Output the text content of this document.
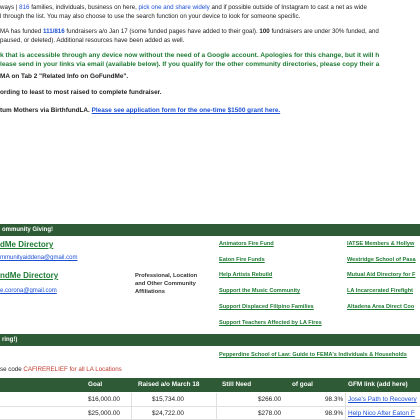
ways | 816 families, individuals, business on here, pick one and share widely and if possible outside of Instagram to cast a net as wide
l through the list. You may also choose to use the search function on your device to look for someone specific.
MA has funded 111/816 fundraisers a/o Jan 17 (some funded pages have added to their goal). 100 fundraisers are under 30% funded, and
paused, or deleted). Additional resources have been added as well.
k that is accessible through any device now without the need of a Google account. Apologies for this change, but it will h
lease send in your links via email (available below). If you qualify for the other community directories, please copy their a
MA on Tab 2 "Related Info on GoFundMe".
ording to least to most raised to complete fundraiser.
tum Mothers via BirthfundLA. Please see application form for the one-time $1500 grant here.
ommunity Giving!
dMe Directory
mmunityaiddena@gmail.com
ndMe Directory
e.corona@gmail.com
Professional, Location
and Other Community
Affiliations
Animators Fire Fund
Eaton Fire Funds
Help Artists Rebuild
Support the Music Community
Support Displaced Filipino Families
Support Teachers Affected by LA Fires
IATSE Members & Hollyw
Westridge School of Pasa
Mutual Aid Directory for F
LA Incarcerated Firefight
Altadena Area Direct Coo
ring!)
Pepperdine School of Law: Guide to FEMA's Individuals & Households
se code CAFIRERELIEF for all LA Locations
Goal	Raised a/o March 18	Still Need	of goal	GFM link (add here)
$16,000.00	$15,734.00	$266.00	98.3% Jose's Path to Recovery
$25,000.00	$24,722.00	$278.00	98.9% Help Nico After Eaton F
